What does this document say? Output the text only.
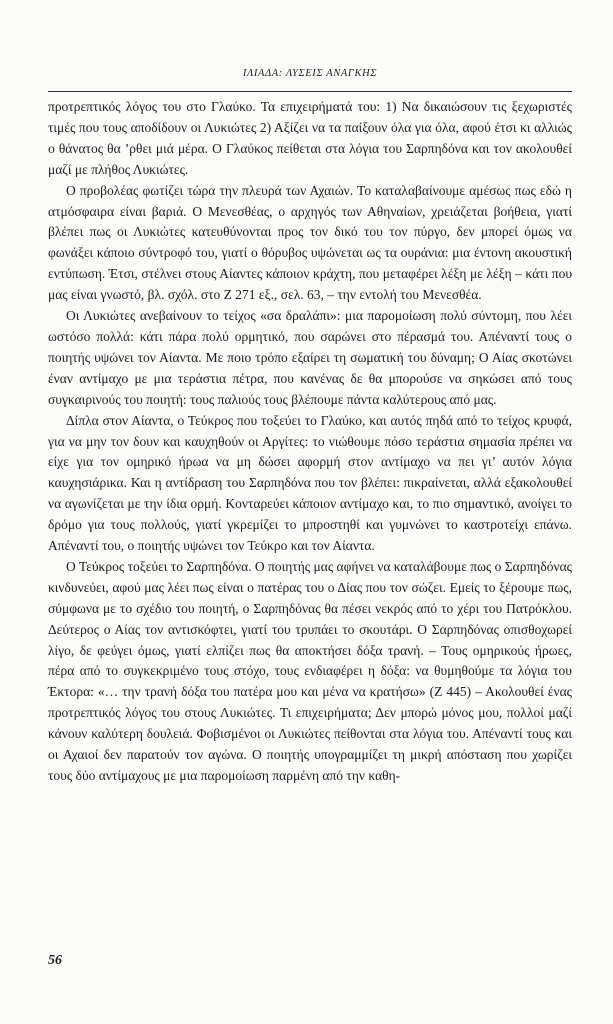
ΙΛΙΑΔΑ: ΛΥΣΕΙΣ ΑΝΑΓΚΗΣ

προτρεπτικός λόγος του στο Γλαύκο. Τα επιχειρήματά του: 1) Να δικαιώσουν τις ξεχωριστές τιμές που τους αποδίδουν οι Λυκιώτες 2) Αξίζει να τα παίξουν όλα για όλα, αφού έτσι κι αλλιώς ο θάνατος θα ’ρθει μιά μέρα. Ο Γλαύκος πείθεται στα λόγια του Σαρπηδόνα και τον ακολουθεί μαζί με πλήθος Λυκιώτες.

Ο προβολέας φωτίζει τώρα την πλευρά των Αχαιών. Το καταλαβαίνουμε αμέσως πως εδώ η ατμόσφαιρα είναι βαριά. Ο Μενεσθέας, ο αρχηγός των Αθηναίων, χρειάζεται βοήθεια, γιατί βλέπει πως οι Λυκιώτες κατευθύνονται προς τον δικό του τον πύργο, δεν μπορεί όμως να φωνάξει κάποιο σύντροφό του, γιατί ο θόρυβος υψώνεται ως τα ουράνια: μια έντονη ακουστική εντύπωση. Έτσι, στέλνει στους Αίαντες κάποιον κράχτη, που μεταφέρει λέξη με λέξη – κάτι που μας είναι γνωστό, βλ. σχόλ. στο Ζ 271 εξ., σελ. 63, – την εντολή του Μενεσθέα.

Οι Λυκιώτες ανεβαίνουν το τείχος «σα δραλάπι»: μια παρομοίωση πολύ σύντομη, που λέει ωστόσο πολλά: κάτι πάρα πολύ ορμητικό, που σαρώνει στο πέρασμά του. Απέναντί τους ο ποιητής υψώνει τον Αίαντα. Με ποιο τρόπο εξαίρει τη σωματική του δύναμη; Ο Αίας σκοτώνει έναν αντίμαχο με μια τεράστια πέτρα, που κανένας δε θα μπορούσε να σηκώσει από τους συγκαιρινούς του ποιητή: τους παλιούς τους βλέπουμε πάντα καλύτερους από μας.

Δίπλα στον Αίαντα, ο Τεύκρος που τοξεύει το Γλαύκο, και αυτός πηδά από το τείχος κρυφά, για να μην τον δουν και καυχηθούν οι Αργίτες: το νιώθουμε πόσο τεράστια σημασία πρέπει να είχε για τον ομηρικό ήρωα να μη δώσει αφορμή στον αντίμαχο να πει γι’ αυτόν λόγια καυχησιάρικα. Και η αντίδραση του Σαρπηδόνα που τον βλέπει: πικραίνεται, αλλά εξακολουθεί να αγωνίζεται με την ίδια ορμή. Κονταρεύει κάποιον αντίμαχο και, το πιο σημαντικό, ανοίγει το δρόμο για τους πολλούς, γιατί γκρεμίζει το μπροστηθί και γυμνώνει το καστροτείχι επάνω. Απέναντί του, ο ποιητής υψώνει τον Τεύκρο και τον Αίαντα.

Ο Τεύκρος τοξεύει το Σαρπηδόνα. Ο ποιητής μας αφήνει να καταλάβουμε πως ο Σαρπηδόνας κινδυνεύει, αφού μας λέει πως είναι ο πατέρας του ο Δίας που τον σώζει. Εμείς το ξέρουμε πως, σύμφωνα με το σχέδιο του ποιητή, ο Σαρπηδόνας θα πέσει νεκρός από το χέρι του Πατρόκλου. Δεύτερος ο Αίας τον αντισκόφτει, γιατί του τρυπάει το σκουτάρι. Ο Σαρπηδόνας οπισθοχωρεί λίγο, δε φεύγει όμως, γιατί ελπίζει πως θα αποκτήσει δόξα τρανή. – Τους ομηρικούς ήρωες, πέρα από το συγκεκριμένο τους στόχο, τους ενδιαφέρει η δόξα: να θυμηθούμε τα λόγια του Έκτορα: «… την τρανή δόξα του πατέρα μου και μένα να κρατήσω» (Ζ 445) – Ακολουθεί ένας προτρεπτικός λόγος του στους Λυκιώτες. Τι επιχειρήματα; Δεν μπορώ μόνος μου, πολλοί μαζί κάνουν καλύτερη δουλειά. Φοβισμένοι οι Λυκιώτες πείθονται στα λόγια του. Απέναντί τους και οι Αχαιοί δεν παρατούν τον αγώνα. Ο ποιητής υπογραμμίζει τη μικρή απόσταση που χωρίζει τους δύο αντίμαχους με μια παρομοίωση παρμένη από την καθη-

56
